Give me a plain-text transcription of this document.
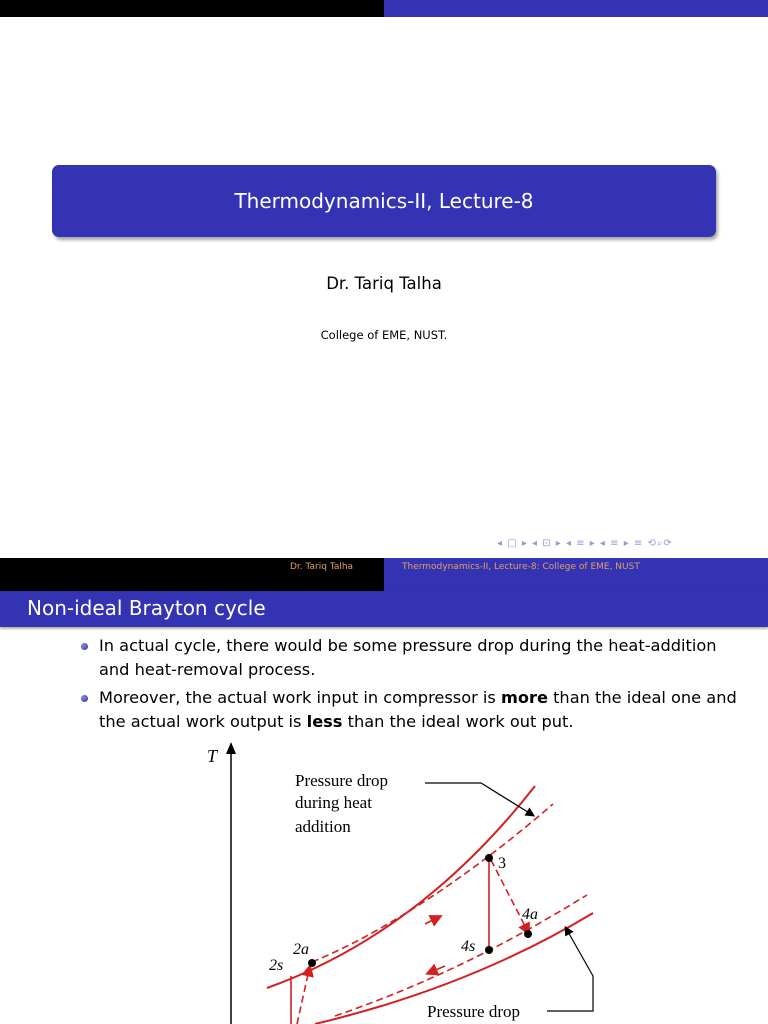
Thermodynamics-II, Lecture-8
Dr. Tariq Talha
College of EME, NUST.
◂ □ ▸ ◂ ⊡ ▸ ◂ ≡ ▸ ◂ ≡ ▸ ≡ ⟲⌕⟳
Dr. Tariq Talha	Thermodynamics-II, Lecture-8: College of EME, NUST
Non-ideal Brayton cycle
In actual cycle, there would be some pressure drop during the heat-addition and heat-removal process.
Moreover, the actual work input in compressor is more than the ideal one and the actual work output is less than the ideal work out put.
T
3
4a
4s
2a
2s
Pressure drop
during heat
addition
Pressure drop
